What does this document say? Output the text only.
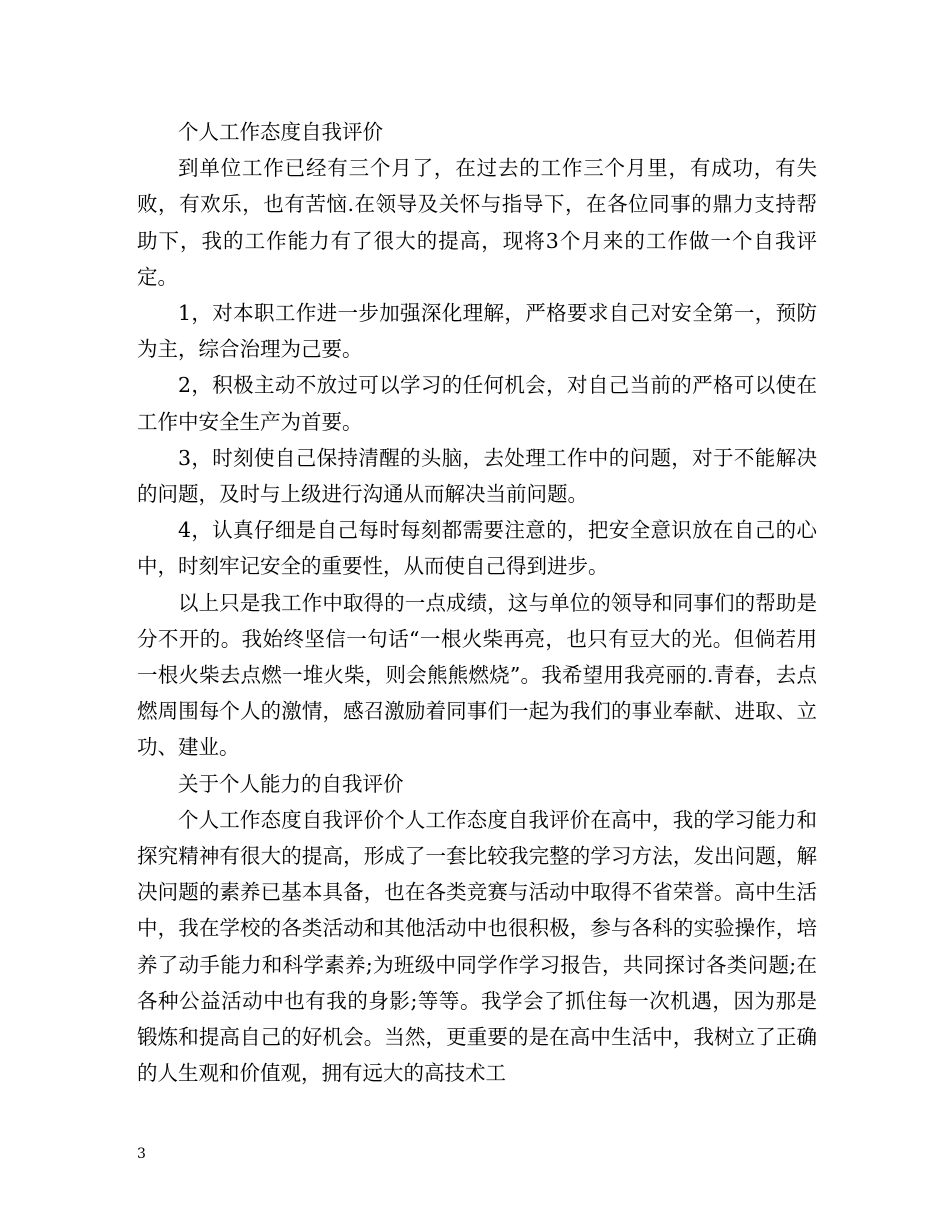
个人工作态度自我评价

到单位工作已经有三个月了，在过去的工作三个月里，有成功，有失败，有欢乐，也有苦恼.在领导及关怀与指导下，在各位同事的鼎力支持帮助下，我的工作能力有了很大的提高，现将3个月来的工作做一个自我评定。

1，对本职工作进一步加强深化理解，严格要求自己对安全第一，预防为主，综合治理为己要。

2，积极主动不放过可以学习的任何机会，对自己当前的严格可以使在工作中安全生产为首要。

3，时刻使自己保持清醒的头脑，去处理工作中的问题，对于不能解决的问题，及时与上级进行沟通从而解决当前问题。

4，认真仔细是自己每时每刻都需要注意的，把安全意识放在自己的心中，时刻牢记安全的重要性，从而使自己得到进步。

以上只是我工作中取得的一点成绩，这与单位的领导和同事们的帮助是分不开的。我始终坚信一句话“一根火柴再亮，也只有豆大的光。但倘若用一根火柴去点燃一堆火柴，则会熊熊燃烧”。我希望用我亮丽的.青春，去点燃周围每个人的激情，感召激励着同事们一起为我们的事业奉献、进取、立功、建业。

关于个人能力的自我评价

个人工作态度自我评价个人工作态度自我评价在高中，我的学习能力和探究精神有很大的提高，形成了一套比较我完整的学习方法，发出问题，解决问题的素养已基本具备，也在各类竞赛与活动中取得不省荣誉。高中生活中，我在学校的各类活动和其他活动中也很积极，参与各科的实验操作，培养了动手能力和科学素养;为班级中同学作学习报告，共同探讨各类问题;在各种公益活动中也有我的身影;等等。我学会了抓住每一次机遇，因为那是锻炼和提高自己的好机会。当然，更重要的是在高中生活中，我树立了正确的人生观和价值观，拥有远大的高技术工

3
